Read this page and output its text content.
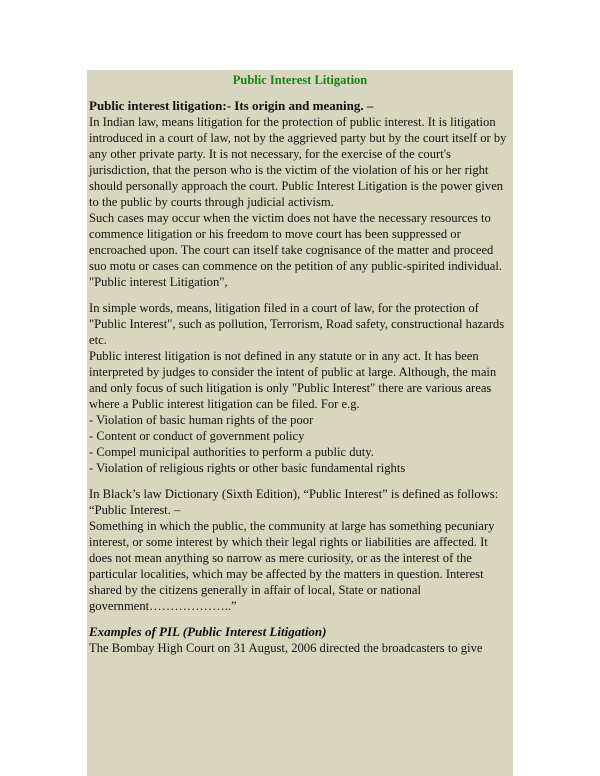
Public Interest Litigation
Public interest litigation:- Its origin and meaning. –
In Indian law, means litigation for the protection of public interest. It is litigation introduced in a court of law, not by the aggrieved party but by the court itself or by any other private party. It is not necessary, for the exercise of the court's jurisdiction, that the person who is the victim of the violation of his or her right should personally approach the court. Public Interest Litigation is the power given to the public by courts through judicial activism.
Such cases may occur when the victim does not have the necessary resources to commence litigation or his freedom to move court has been suppressed or encroached upon. The court can itself take cognisance of the matter and proceed suo motu or cases can commence on the petition of any public-spirited individual.
"Public interest Litigation",
In simple words, means, litigation filed in a court of law, for the protection of "Public Interest", such as pollution, Terrorism, Road safety, constructional hazards etc.
Public interest litigation is not defined in any statute or in any act. It has been interpreted by judges to consider the intent of public at large. Although, the main and only focus of such litigation is only "Public Interest" there are various areas where a Public interest litigation can be filed. For e.g.
- Violation of basic human rights of the poor
- Content or conduct of government policy
- Compel municipal authorities to perform a public duty.
- Violation of religious rights or other basic fundamental rights
In Black’s law Dictionary (Sixth Edition), “Public Interest” is defined as follows:
“Public Interest. –
Something in which the public, the community at large has something pecuniary interest, or some interest by which their legal rights or liabilities are affected. It does not mean anything so narrow as mere curiosity, or as the interest of the particular localities, which may be affected by the matters in question. Interest shared by the citizens generally in affair of local, State or national government………………..”
Examples of PIL (Public Interest Litigation)
The Bombay High Court on 31 August, 2006 directed the broadcasters to give
